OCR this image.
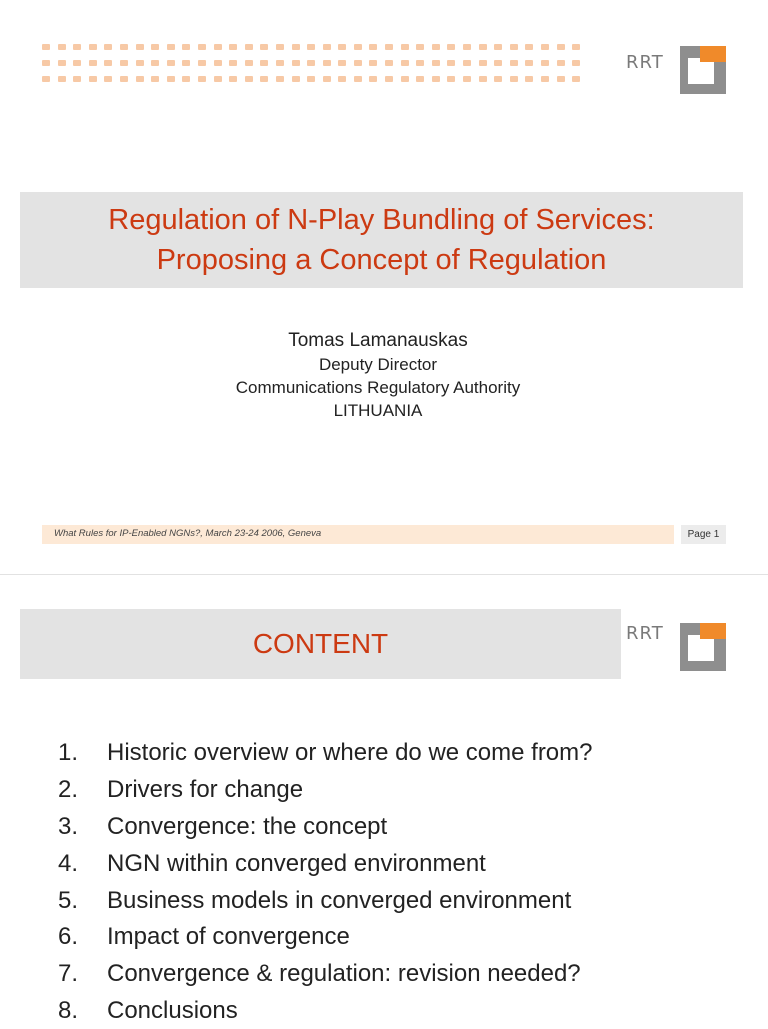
RRT
Regulation of N-Play Bundling of Services:
Proposing a Concept of Regulation
Tomas Lamanauskas
Deputy Director
Communications Regulatory Authority
LITHUANIA
What Rules for IP-Enabled NGNs?, March 23-24 2006, Geneva	Page 1
CONTENT	RRT
1.	Historic overview or where do we come from?
2.	Drivers for change
3.	Convergence: the concept
4.	NGN within converged environment
5.	Business models in converged environment
6.	Impact of convergence
7.	Convergence & regulation: revision needed?
8.	Conclusions
